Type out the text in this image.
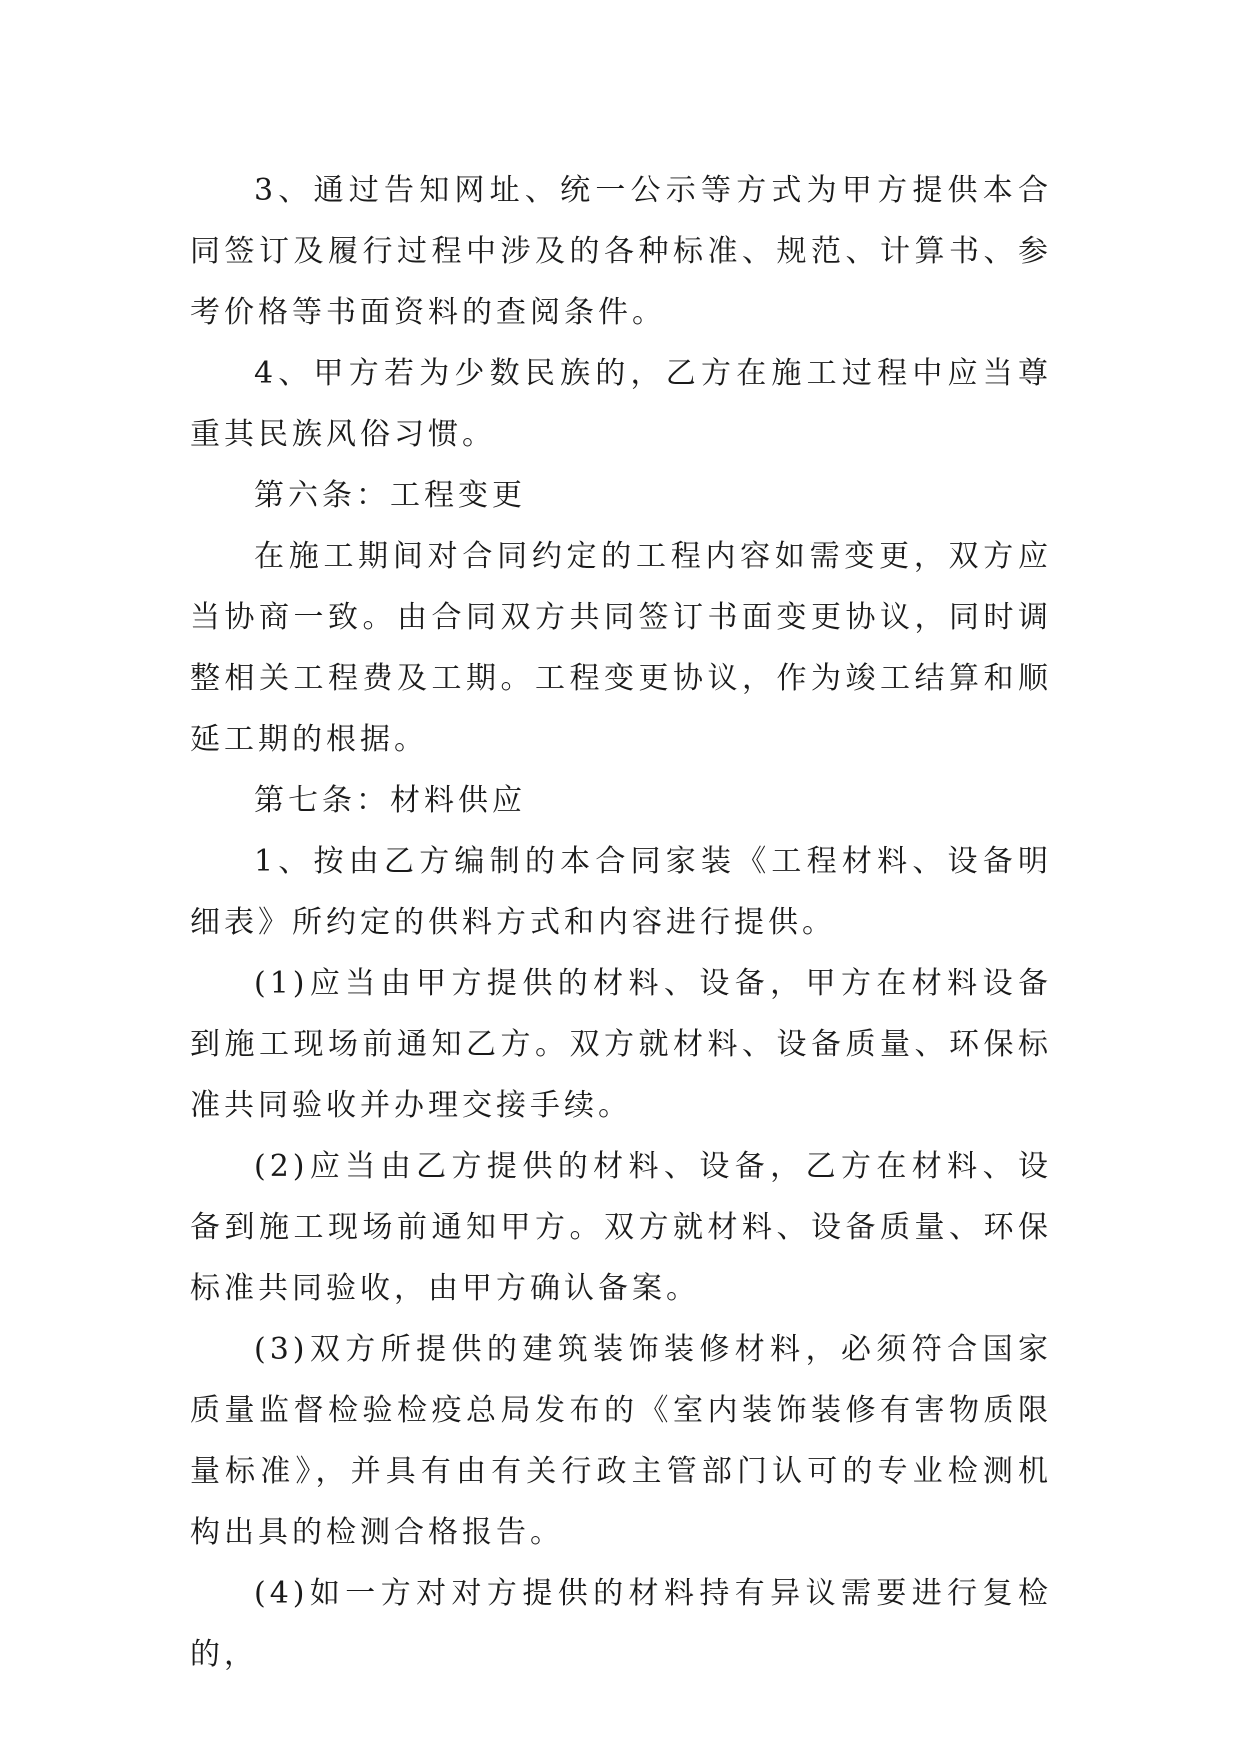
3、通过告知网址、统一公示等方式为甲方提供本合同签订及履行过程中涉及的各种标准、规范、计算书、参考价格等书面资料的查阅条件。

4、甲方若为少数民族的，乙方在施工过程中应当尊重其民族风俗习惯。

第六条：工程变更

在施工期间对合同约定的工程内容如需变更，双方应当协商一致。由合同双方共同签订书面变更协议，同时调整相关工程费及工期。工程变更协议，作为竣工结算和顺延工期的根据。

第七条：材料供应

1、按由乙方编制的本合同家装《工程材料、设备明细表》所约定的供料方式和内容进行提供。

(1)应当由甲方提供的材料、设备，甲方在材料设备到施工现场前通知乙方。双方就材料、设备质量、环保标准共同验收并办理交接手续。

(2)应当由乙方提供的材料、设备，乙方在材料、设备到施工现场前通知甲方。双方就材料、设备质量、环保标准共同验收，由甲方确认备案。

(3)双方所提供的建筑装饰装修材料，必须符合国家质量监督检验检疫总局发布的《室内装饰装修有害物质限量标准》，并具有由有关行政主管部门认可的专业检测机构出具的检测合格报告。

(4)如一方对对方提供的材料持有异议需要进行复检的，
